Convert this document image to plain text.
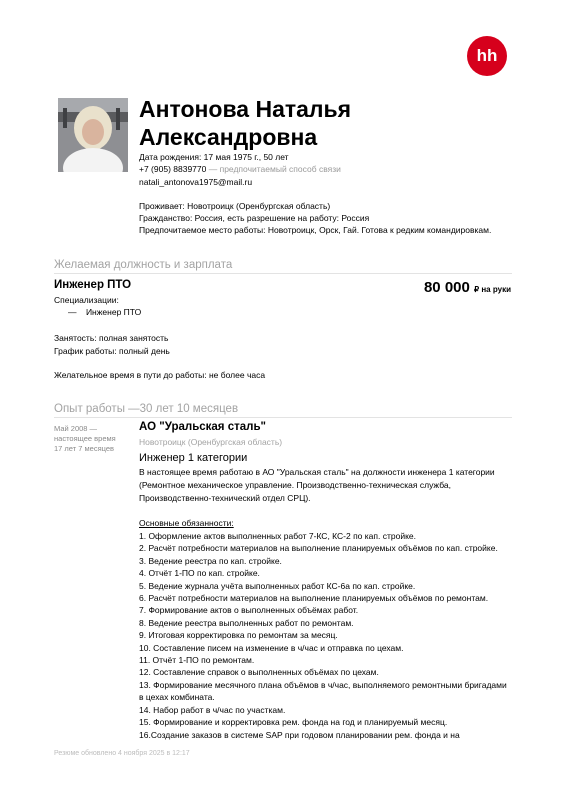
hh
Антонова Наталья
Александровна
Дата рождения: 17 мая 1975 г., 50 лет
+7 (905) 8839770 — предпочитаемый способ связи
natali_antonova1975@mail.ru
Проживает: Новотроицк (Оренбургская область)
Гражданство: Россия, есть разрешение на работу: Россия
Предпочитаемое место работы: Новотроицк, Орск, Гай. Готова к редким командировкам.
Желаемая должность и зарплата
Инженер ПТО	80 000 ₽ на руки
Специализации:
—    Инженер ПТО
Занятость: полная занятость
График работы: полный день
Желательное время в пути до работы: не более часа
Опыт работы —30 лет 10 месяцев
Май 2008 —
настоящее время
17 лет 7 месяцев
АО "Уральская сталь"
Новотроицк (Оренбургская область)
Инженер 1 категории
В настоящее время работаю в АО "Уральская сталь" на должности инженера 1 категории
(Ремонтное механическое управление. Производственно-техническая служба,
Производственно-технический отдел СРЦ).
Основные обязанности:
1. Оформление актов выполненных работ 7-КС, КС-2 по кап. стройке.
2. Расчёт потребности материалов на выполнение планируемых объёмов по кап. стройке.
3. Ведение реестра по кап. стройке.
4. Отчёт 1-ПО по кап. стройке.
5. Ведение журнала учёта выполненных работ КС-6а по кап. стройке.
6. Расчёт потребности материалов на выполнение планируемых объёмов по ремонтам.
7. Формирование актов о выполненных объёмах работ.
8. Ведение реестра выполненных работ по ремонтам.
9. Итоговая корректировка по ремонтам за месяц.
10. Составление писем на изменение в ч/час и отправка по цехам.
11. Отчёт 1-ПО по ремонтам.
12. Составление справок о выполненных объёмах по цехам.
13. Формирование месячного плана объёмов в ч/час, выполняемого ремонтными бригадами
в цехах комбината.
14. Набор работ в ч/час по участкам.
15. Формирование и корректировка рем. фонда на год и планируемый месяц.
16.Создание заказов в системе SAP при годовом планировании рем. фонда и на
Резюме обновлено 4 ноября 2025 в 12:17
